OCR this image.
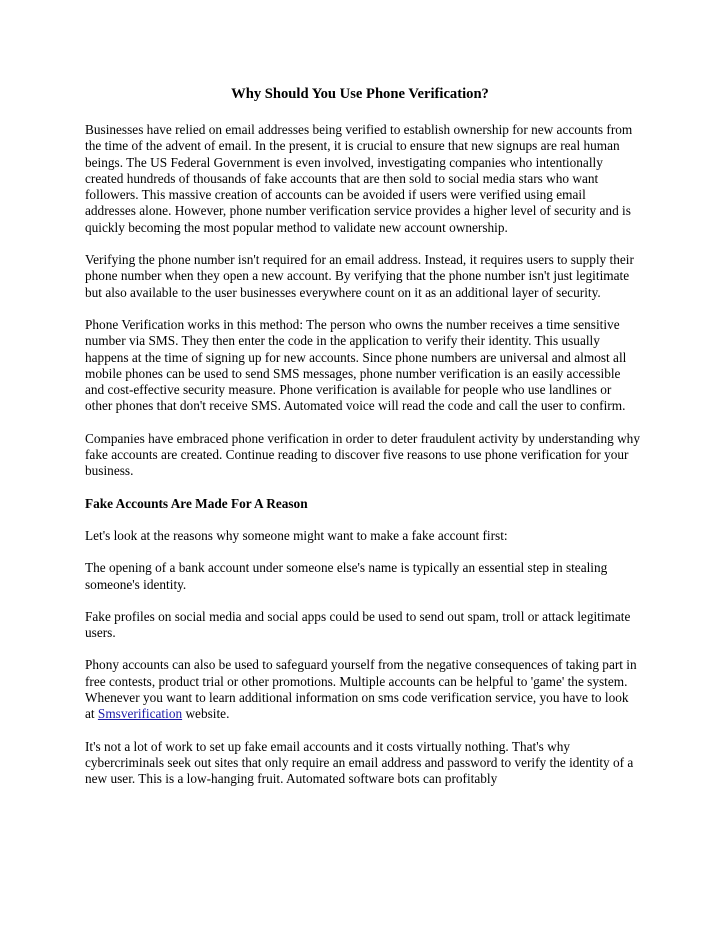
Why Should You Use Phone Verification?

Businesses have relied on email addresses being verified to establish ownership for new accounts from the time of the advent of email. In the present, it is crucial to ensure that new signups are real human beings. The US Federal Government is even involved, investigating companies who intentionally created hundreds of thousands of fake accounts that are then sold to social media stars who want followers. This massive creation of accounts can be avoided if users were verified using email addresses alone. However, phone number verification service provides a higher level of security and is quickly becoming the most popular method to validate new account ownership.

Verifying the phone number isn't required for an email address. Instead, it requires users to supply their phone number when they open a new account. By verifying that the phone number isn't just legitimate but also available to the user businesses everywhere count on it as an additional layer of security.

Phone Verification works in this method: The person who owns the number receives a time sensitive number via SMS. They then enter the code in the application to verify their identity. This usually happens at the time of signing up for new accounts. Since phone numbers are universal and almost all mobile phones can be used to send SMS messages, phone number verification is an easily accessible and cost-effective security measure. Phone verification is available for people who use landlines or other phones that don't receive SMS. Automated voice will read the code and call the user to confirm.

Companies have embraced phone verification in order to deter fraudulent activity by understanding why fake accounts are created. Continue reading to discover five reasons to use phone verification for your business.

Fake Accounts Are Made For A Reason

Let's look at the reasons why someone might want to make a fake account first:

The opening of a bank account under someone else's name is typically an essential step in stealing someone's identity.

Fake profiles on social media and social apps could be used to send out spam, troll or attack legitimate users.

Phony accounts can also be used to safeguard yourself from the negative consequences of taking part in free contests, product trial or other promotions. Multiple accounts can be helpful to 'game' the system. Whenever you want to learn additional information on sms code verification service, you have to look at Smsverification website.

It's not a lot of work to set up fake email accounts and it costs virtually nothing. That's why cybercriminals seek out sites that only require an email address and password to verify the identity of a new user. This is a low-hanging fruit. Automated software bots can profitably
